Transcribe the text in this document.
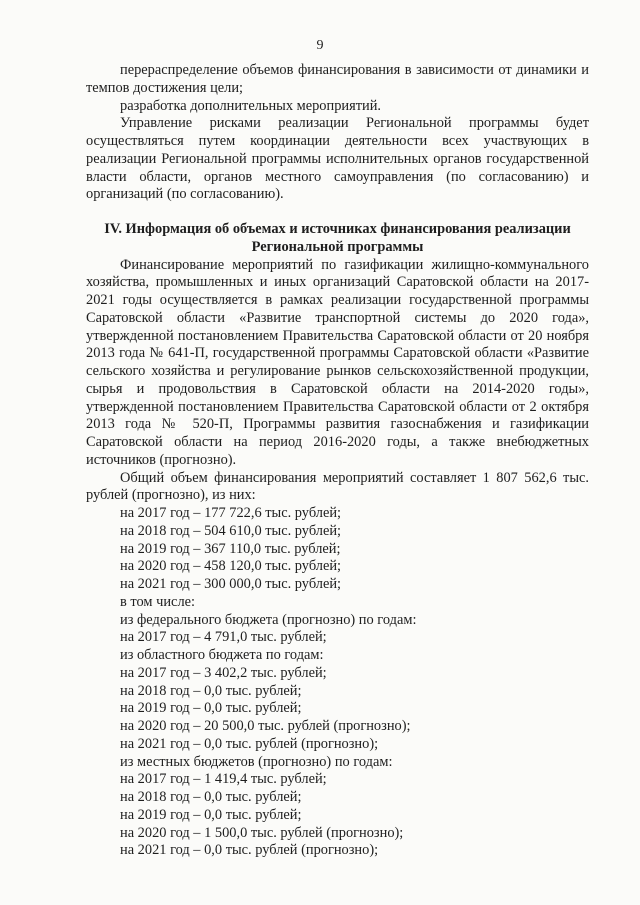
9

перераспределение объемов финансирования в зависимости от динамики и темпов достижения цели;

разработка дополнительных мероприятий.

Управление рисками реализации Региональной программы будет осуществляться путем координации деятельности всех участвующих в реализации Региональной программы исполнительных органов государственной власти области, органов местного самоуправления (по согласованию) и организаций (по согласованию).

IV. Информация об объемах и источниках финансирования реализации Региональной программы

Финансирование мероприятий по газификации жилищно-коммунального хозяйства, промышленных и иных организаций Саратовской области на 2017-2021 годы осуществляется в рамках реализации государственной программы Саратовской области «Развитие транспортной системы до 2020 года», утвержденной постановлением Правительства Саратовской области от 20 ноября 2013 года № 641-П, государственной программы Саратовской области «Развитие сельского хозяйства и регулирование рынков сельскохозяйственной продукции, сырья и продовольствия в Саратовской области на 2014-2020 годы», утвержденной постановлением Правительства Саратовской области от 2 октября 2013 года № 520-П, Программы развития газоснабжения и газификации Саратовской области на период 2016-2020 годы, а также внебюджетных источников (прогнозно).

Общий объем финансирования мероприятий составляет 1 807 562,6 тыс. рублей (прогнозно), из них:

на 2017 год – 177 722,6 тыс. рублей;

на 2018 год – 504 610,0 тыс. рублей;

на 2019 год – 367 110,0 тыс. рублей;

на 2020 год – 458 120,0 тыс. рублей;

на 2021 год – 300 000,0 тыс. рублей;

в том числе:

из федерального бюджета (прогнозно) по годам:

на 2017 год – 4 791,0 тыс. рублей;

из областного бюджета по годам:

на 2017 год – 3 402,2 тыс. рублей;

на 2018 год – 0,0 тыс. рублей;

на 2019 год – 0,0 тыс. рублей;

на 2020 год – 20 500,0 тыс. рублей (прогнозно);

на 2021 год – 0,0 тыс. рублей (прогнозно);

из местных бюджетов (прогнозно) по годам:

на 2017 год – 1 419,4 тыс. рублей;

на 2018 год – 0,0 тыс. рублей;

на 2019 год – 0,0 тыс. рублей;

на 2020 год – 1 500,0 тыс. рублей (прогнозно);

на 2021 год – 0,0 тыс. рублей (прогнозно);
